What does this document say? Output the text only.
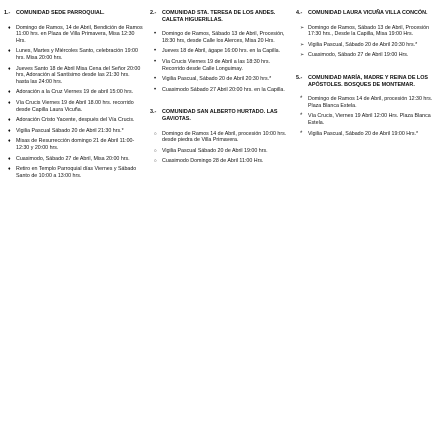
1.-	COMUNIDAD SEDE PARROQUIAL.
♦
Domingo de Ramos, 14 de Abril, Bendición de Ramos 11:00 hrs. en Plaza de Villa Primavera, Misa 12:30 Hrs.
♦
Lunes, Martes y Miércoles Santo, celebración 19:00 hrs. Misa 20:00 hrs.
♦
Jueves Santo 18 de Abril Misa Cena del Señor 20:00 hrs, Adoración al Santísimo desde las 21:30 hrs. hasta las 24:00 hrs.
♦
Adoración a la Cruz Viernes 19 de abril 15:00 hrs.
♦
Vía Crucis Viernes 19 de Abril 18.00 hrs. recorrido desde Capilla Laura Vicuña.
♦
Adoración Cristo Yacente, después del Vía Crucis.
♦
Vigilia Pascual Sábado 20 de Abril 21:30 hrs.*
♦
Misas de Resurrección domingo 21 de Abril 11:00-12:30 y 20:00 hrs.
♦
Cuasimodo, Sábado 27 de Abril, Misa 20:00 hrs.
♦
Retiro en Templo Parroquial días Viernes y Sábado Santo de 10:00 a 13:00 hrs.
2.-	COMUNIDAD STA. TERESA DE LOS ANDES. CALETA HIGUERILLAS.
•
Domingo de Ramos, Sábado 13 de Abril, Procesión, 18:30 hrs, desde Calle los Alerces, Misa 20 Hrs.
•
Jueves 18 de Abril, ágape 16:00 hrs. en la Capilla.
•
Vía Crucis Viernes 19 de Abril a las 18:30 hrs. Recorrido desde Calle Longuimay.
•
Vigilia Pascual, Sábado 20 de Abril 20:30 hrs.*
•
Cuasimodo Sábado 27 Abril 20:00 hrs. en la Capilla.
3.-	COMUNIDAD SAN ALBERTO HURTADO. LAS GAVIOTAS.
○
Domingo de Ramos 14 de Abril, procesión 10:00 hrs. desde piedra de Villa Primavera.
○
Vigilia Pascual Sábado 20 de Abril 19:00 hrs.
○
Cuasimodo Domingo 28 de Abril 11:00 Hrs.
4.-	COMUNIDAD LAURA VICUÑA VILLA CONCÓN.
➢
Domingo de Ramos, Sábado 13 de Abril, Procesión 17:30 hrs., Desde la Capilla, Misa 19:00 Hrs.
➢
Vigilia Pascual, Sábado 20 de Abril 20:30 hrs.*
➢
Cuasimodo, Sábado 27 de Abril 19:00 Hrs.
5.-	COMUNIDAD MARÍA, MADRE Y REINA DE LOS APÓSTOLES. BOSQUES DE MONTEMAR.
*
Domingo de Ramos 14 de Abril, procesión 12:30 hrs. Plaza Blanca Estela.
*
Vía Crucis, Viernes 19 Abril 12:00 Hrs. Plaza Blanca Estela.
*
Vigilia Pascual, Sábado 20 de Abril 19:00 Hrs.*
